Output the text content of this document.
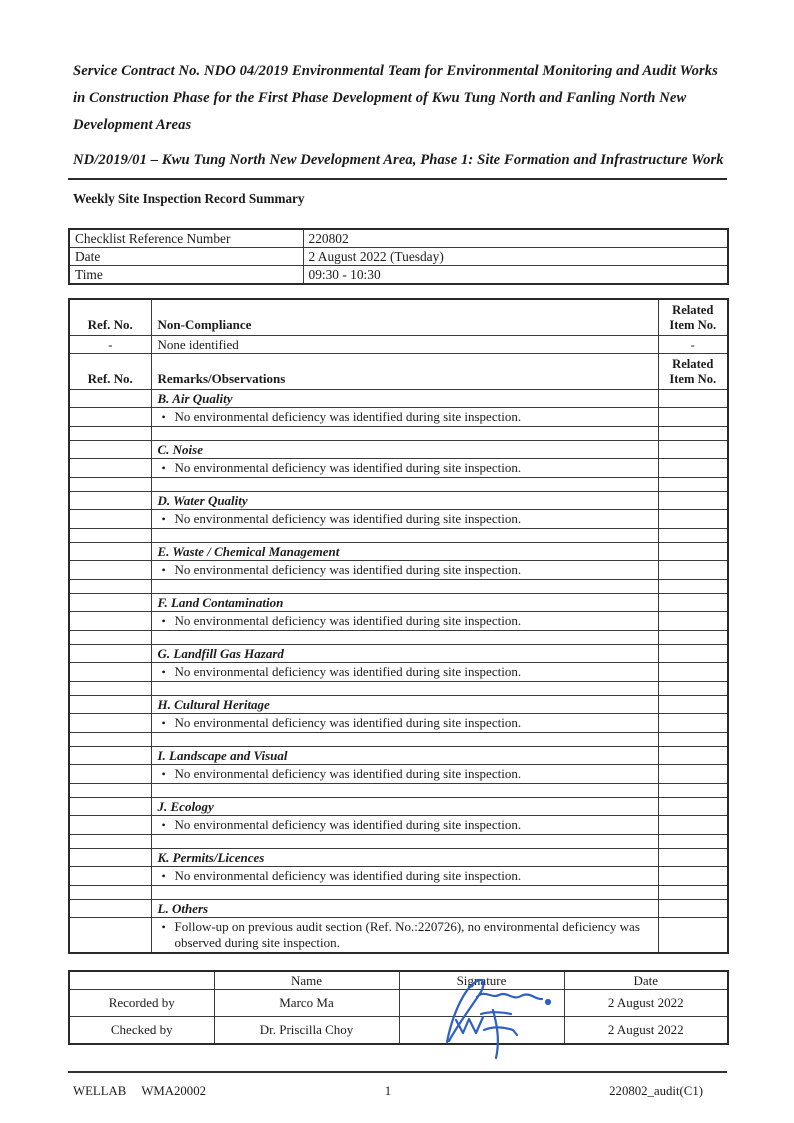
Service Contract No. NDO 04/2019 Environmental Team for Environmental Monitoring and Audit Works in Construction Phase for the First Phase Development of Kwu Tung North and Fanling North New Development Areas

ND/2019/01 – Kwu Tung North New Development Area, Phase 1: Site Formation and Infrastructure Work

Weekly Site Inspection Record Summary
Checklist Reference Number	220802
Date	2 August 2022 (Tuesday)
Time	09:30 - 10:30
Ref. No.	Non-Compliance	Related Item No.
-	None identified	-
Ref. No.	Remarks/Observations	Related Item No.
	B. Air Quality	

	• No environmental deficiency was identified during site inspection.	

	C. Noise	

	• No environmental deficiency was identified during site inspection.	

	D. Water Quality	

	• No environmental deficiency was identified during site inspection.	

	E. Waste / Chemical Management	

	• No environmental deficiency was identified during site inspection.	

	F. Land Contamination	

	• No environmental deficiency was identified during site inspection.	

	G. Landfill Gas Hazard	

	• No environmental deficiency was identified during site inspection.	

	H. Cultural Heritage	

	• No environmental deficiency was identified during site inspection.	

	I. Landscape and Visual	

	• No environmental deficiency was identified during site inspection.	

	J. Ecology	

	• No environmental deficiency was identified during site inspection.	

	K. Permits/Licences	

	• No environmental deficiency was identified during site inspection.	

	L. Others	

	• Follow-up on previous audit section (Ref. No.:220726), no environmental deficiency was observed during site inspection.	

	Name	Signature	Date
Recorded by	Marco Ma		2 August 2022
Checked by	Dr. Priscilla Choy		2 August 2022
WELLAB WMA20002	1	220802_audit(C1)
